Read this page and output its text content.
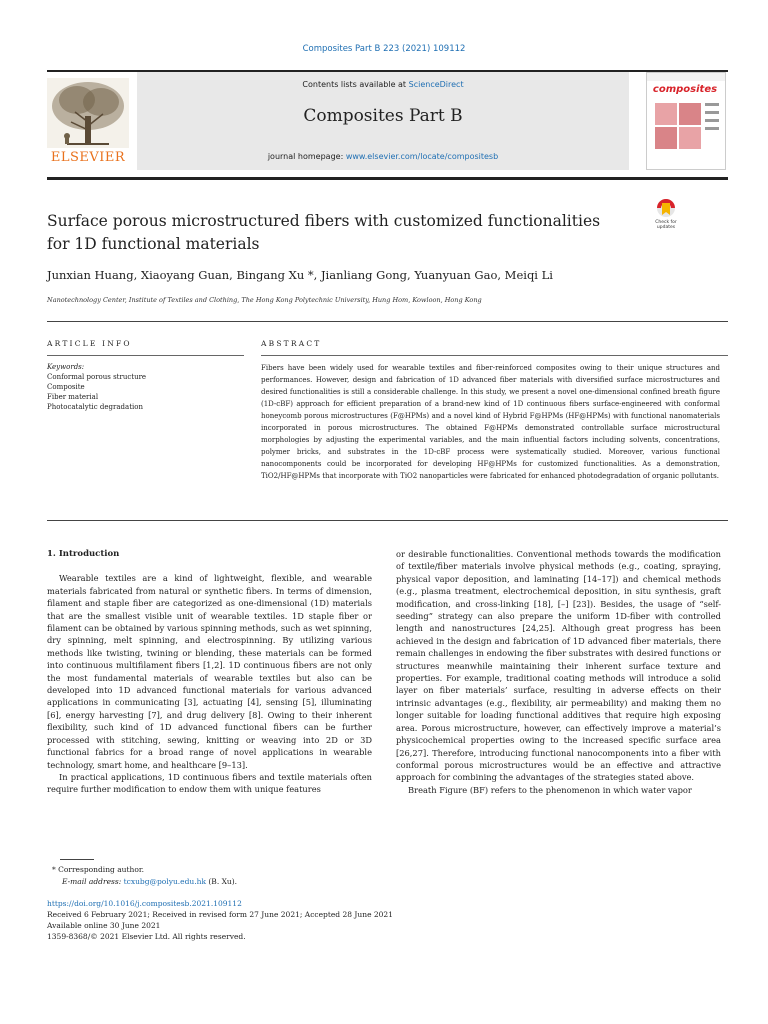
Composites Part B 223 (2021) 109112
ELSEVIER
Contents lists available at ScienceDirect
Composites Part B
journal homepage: www.elsevier.com/locate/compositesb
composites
Surface porous microstructured fibers with customized functionalities for 1D functional materials
Check for
updates
Junxian Huang, Xiaoyang Guan, Bingang Xu *, Jianliang Gong, Yuanyuan Gao, Meiqi Li
Nanotechnology Center, Institute of Textiles and Clothing, The Hong Kong Polytechnic University, Hung Hom, Kowloon, Hong Kong
ARTICLE INFO	ABSTRACT
Keywords:
Conformal porous structure
Composite
Fiber material
Photocatalytic degradation
Fibers have been widely used for wearable textiles and fiber-reinforced composites owing to their unique structures and performances. However, design and fabrication of 1D advanced fiber materials with diversified surface microstructures and desired functionalities is still a considerable challenge. In this study, we present a novel one-dimensional confined breath figure (1D-cBF) approach for efficient preparation of a brand-new kind of 1D continuous fibers surface-engineered with conformal honeycomb porous microstructures (F@HPMs) and a novel kind of Hybrid F@HPMs (HF@HPMs) with functional nanomaterials incorporated in porous microstructures. The obtained F@HPMs demonstrated controllable surface microstructural morphologies by adjusting the experimental variables, and the main influential factors including solvents, concentrations, polymer bricks, and substrates in the 1D-cBF process were systematically studied. Moreover, various functional nanocomponents could be incorporated for developing HF@HPMs for customized functionalities. As a demonstration, TiO2/HF@HPMs that incorporate with TiO2 nanoparticles were fabricated for enhanced photodegradation of organic pollutants.
1. Introduction

Wearable textiles are a kind of lightweight, flexible, and wearable materials fabricated from natural or synthetic fibers. In terms of dimension, filament and staple fiber are categorized as one-dimensional (1D) materials that are the smallest visible unit of wearable textiles. 1D staple fiber or filament can be obtained by various spinning methods, such as wet spinning, dry spinning, melt spinning, and electrospinning. By utilizing various methods like twisting, twining or blending, these materials can be formed into continuous multifilament fibers [1,2]. 1D continuous fibers are not only the most fundamental materials of wearable textiles but also can be developed into 1D advanced functional materials for various advanced applications in communicating [3], actuating [4], sensing [5], illuminating [6], energy harvesting [7], and drug delivery [8]. Owing to their inherent flexibility, such kind of 1D advanced functional fibers can be further processed with stitching, sewing, knitting or weaving into 2D or 3D functional fabrics for a broad range of novel applications in wearable technology, smart home, and healthcare [9–13].

In practical applications, 1D continuous fibers and textile materials often require further modification to endow them with unique features

or desirable functionalities. Conventional methods towards the modification of textile/fiber materials involve physical methods (e.g., coating, spraying, physical vapor deposition, and laminating [14–17]) and chemical methods (e.g., plasma treatment, electrochemical deposition, in situ synthesis, graft modification, and cross-linking [18], [–] [23]). Besides, the usage of “self-seeding” strategy can also prepare the uniform 1D-fiber with controlled length and nanostructures [24,25]. Although great progress has been achieved in the design and fabrication of 1D advanced fiber materials, there remain challenges in endowing the fiber substrates with desired functions or structures meanwhile maintaining their inherent surface texture and properties. For example, traditional coating methods will introduce a solid layer on fiber materials’ surface, resulting in adverse effects on their intrinsic advantages (e.g., flexibility, air permeability) and making them no longer suitable for loading functional additives that require high exposing area. Porous microstructure, however, can effectively improve a material’s physicochemical properties owing to the increased specific surface area [26,27]. Therefore, introducing functional nanocomponents into a fiber with conformal porous microstructures would be an effective and attractive approach for combining the advantages of the strategies stated above.

Breath Figure (BF) refers to the phenomenon in which water vapor

* Corresponding author.
E-mail address: tcxubg@polyu.edu.hk (B. Xu).
https://doi.org/10.1016/j.compositesb.2021.109112
Received 6 February 2021; Received in revised form 27 June 2021; Accepted 28 June 2021
Available online 30 June 2021
1359-8368/© 2021 Elsevier Ltd. All rights reserved.
